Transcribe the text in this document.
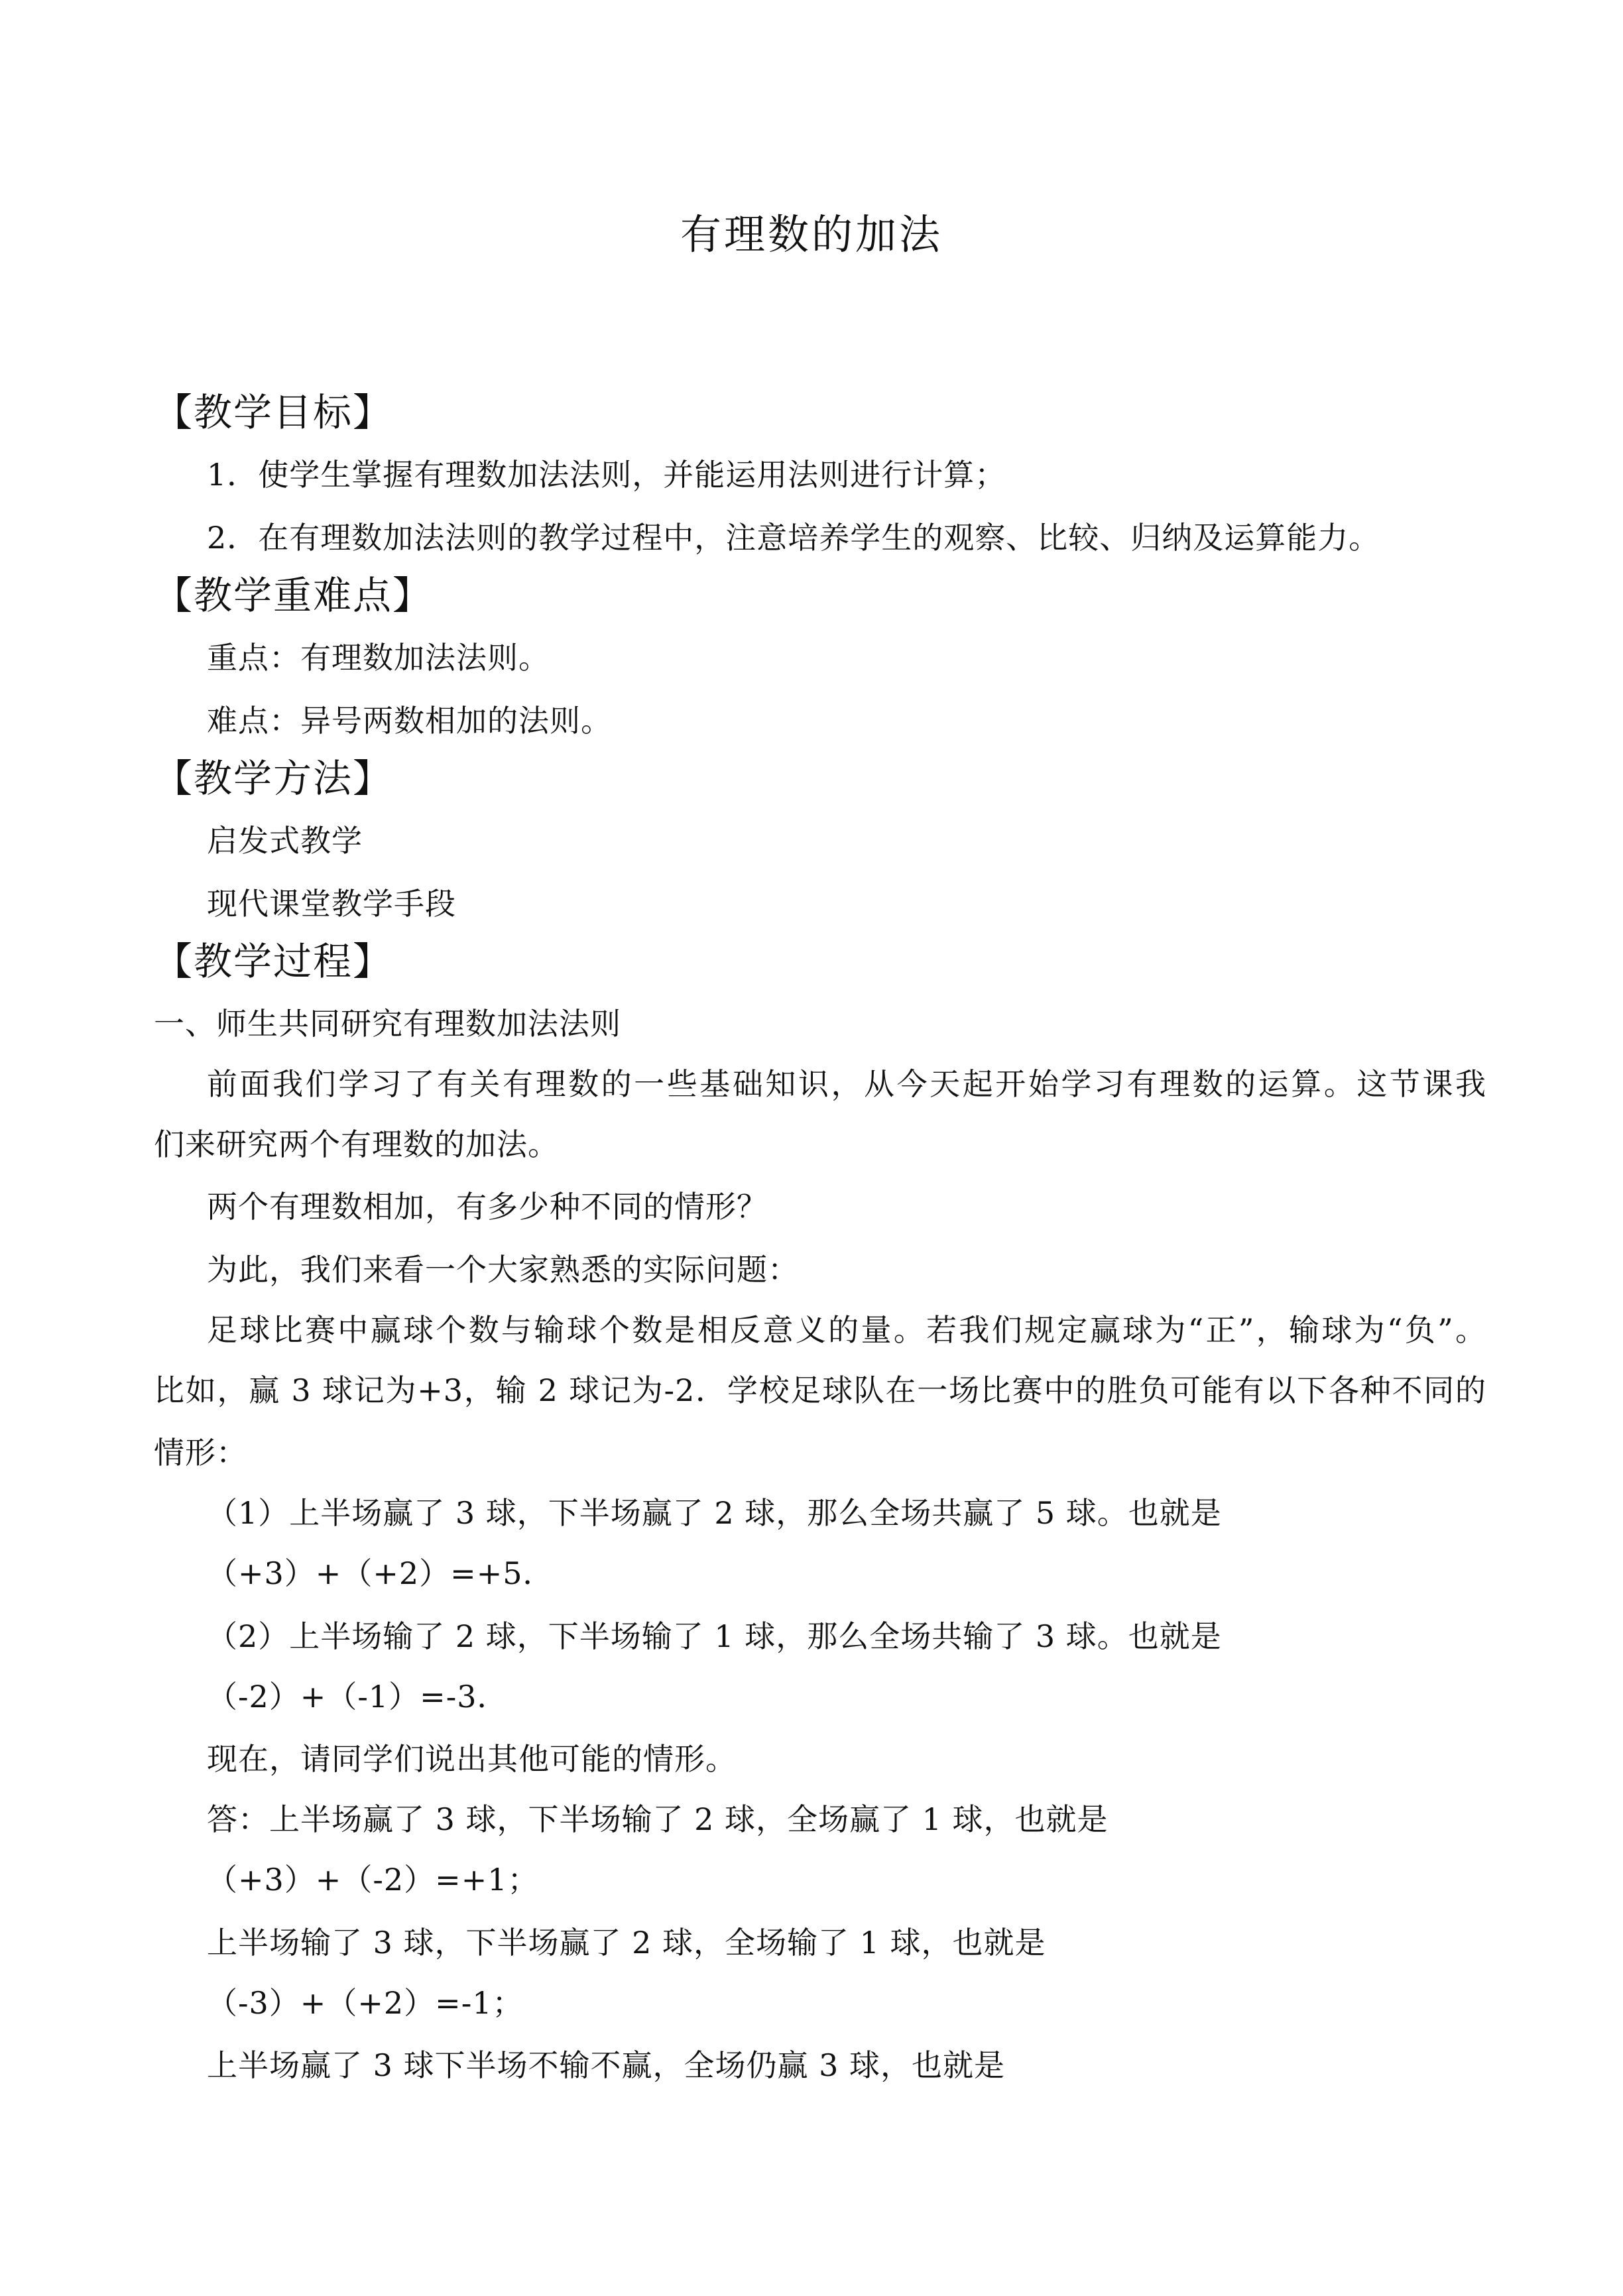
有理数的加法
【教学目标】
1．使学生掌握有理数加法法则，并能运用法则进行计算；
2．在有理数加法法则的教学过程中，注意培养学生的观察、比较、归纳及运算能力。
【教学重难点】
重点：有理数加法法则。
难点：异号两数相加的法则。
【教学方法】
启发式教学
现代课堂教学手段
【教学过程】
一、师生共同研究有理数加法法则
前面我们学习了有关有理数的一些基础知识，从今天起开始学习有理数的运算。这节课我
们来研究两个有理数的加法。
两个有理数相加，有多少种不同的情形？
为此，我们来看一个大家熟悉的实际问题：
足球比赛中赢球个数与输球个数是相反意义的量。若我们规定赢球为“正”，输球为“负”。
比如，赢 3 球记为+3，输 2 球记为-2．学校足球队在一场比赛中的胜负可能有以下各种不同的
情形：
（1）上半场赢了 3 球，下半场赢了 2 球，那么全场共赢了 5 球。也就是
（+3）+（+2）=+5．
（2）上半场输了 2 球，下半场输了 1 球，那么全场共输了 3 球。也就是
（-2）+（-1）=-3．
现在，请同学们说出其他可能的情形。
答：上半场赢了 3 球，下半场输了 2 球，全场赢了 1 球，也就是
（+3）+（-2）=+1；
上半场输了 3 球，下半场赢了 2 球，全场输了 1 球，也就是
（-3）+（+2）=-1；
上半场赢了 3 球下半场不输不赢，全场仍赢 3 球，也就是
